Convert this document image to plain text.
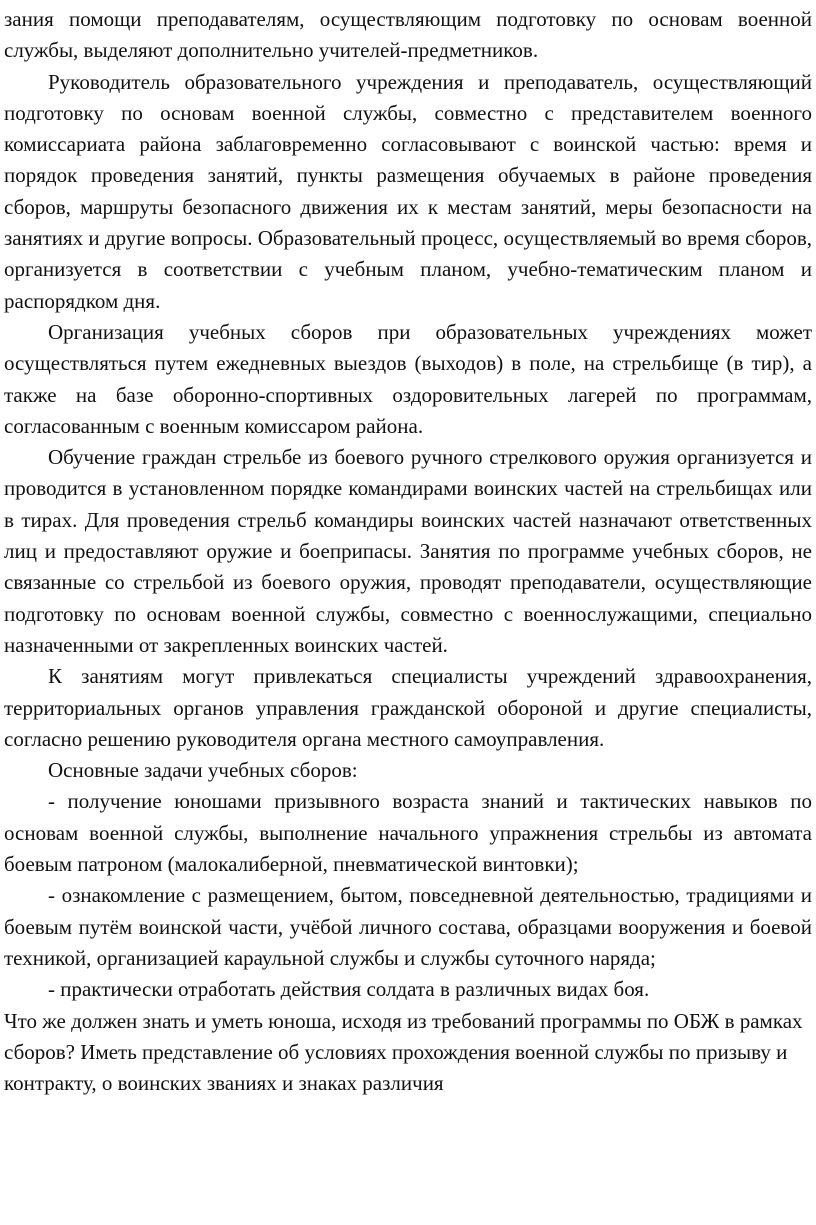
зания помощи преподавателям, осуществляющим подготовку по основам военной службы, выделяют дополнительно учителей-предметников.

Руководитель образовательного учреждения и преподаватель, осуществляющий подготовку по основам военной службы, совместно с представителем военного комиссариата района заблаговременно согласовывают с воинской частью: время и порядок проведения занятий, пункты размещения обучаемых в районе проведения сборов, маршруты безопасного движения их к местам занятий, меры безопасности на занятиях и другие вопросы. Образовательный процесс, осуществляемый во время сборов, организуется в соответствии с учебным планом, учебно-тематическим планом и распорядком дня.

Организация учебных сборов при образовательных учреждениях может осуществляться путем ежедневных выездов (выходов) в поле, на стрельбище (в тир), а также на базе оборонно-спортивных оздоровительных лагерей по программам, согласованным с военным комиссаром района.

Обучение граждан стрельбе из боевого ручного стрелкового оружия организуется и проводится в установленном порядке командирами воинских частей на стрельбищах или в тирах. Для проведения стрельб командиры воинских частей назначают ответственных лиц и предоставляют оружие и боеприпасы. Занятия по программе учебных сборов, не связанные со стрельбой из боевого оружия, проводят преподаватели, осуществляющие подготовку по основам военной службы, совместно с военнослужащими, специально назначенными от закрепленных воинских частей.

К занятиям могут привлекаться специалисты учреждений здравоохранения, территориальных органов управления гражданской обороной и другие специалисты, согласно решению руководителя органа местного самоуправления.

Основные задачи учебных сборов:

- получение юношами призывного возраста знаний и тактических навыков по основам военной службы, выполнение начального упражнения стрельбы из автомата боевым патроном (малокалиберной, пневматической винтовки);

- ознакомление с размещением, бытом, повседневной деятельностью, традициями и боевым путём воинской части, учёбой личного состава, образцами вооружения и боевой техникой, организацией караульной службы и службы суточного наряда;

- практически отработать действия солдата в различных видах боя.

Что же должен знать и уметь юноша, исходя из требований программы по ОБЖ в рамках сборов? Иметь представление об условиях прохождения военной службы по призыву и контракту, о воинских званиях и знаках различия
